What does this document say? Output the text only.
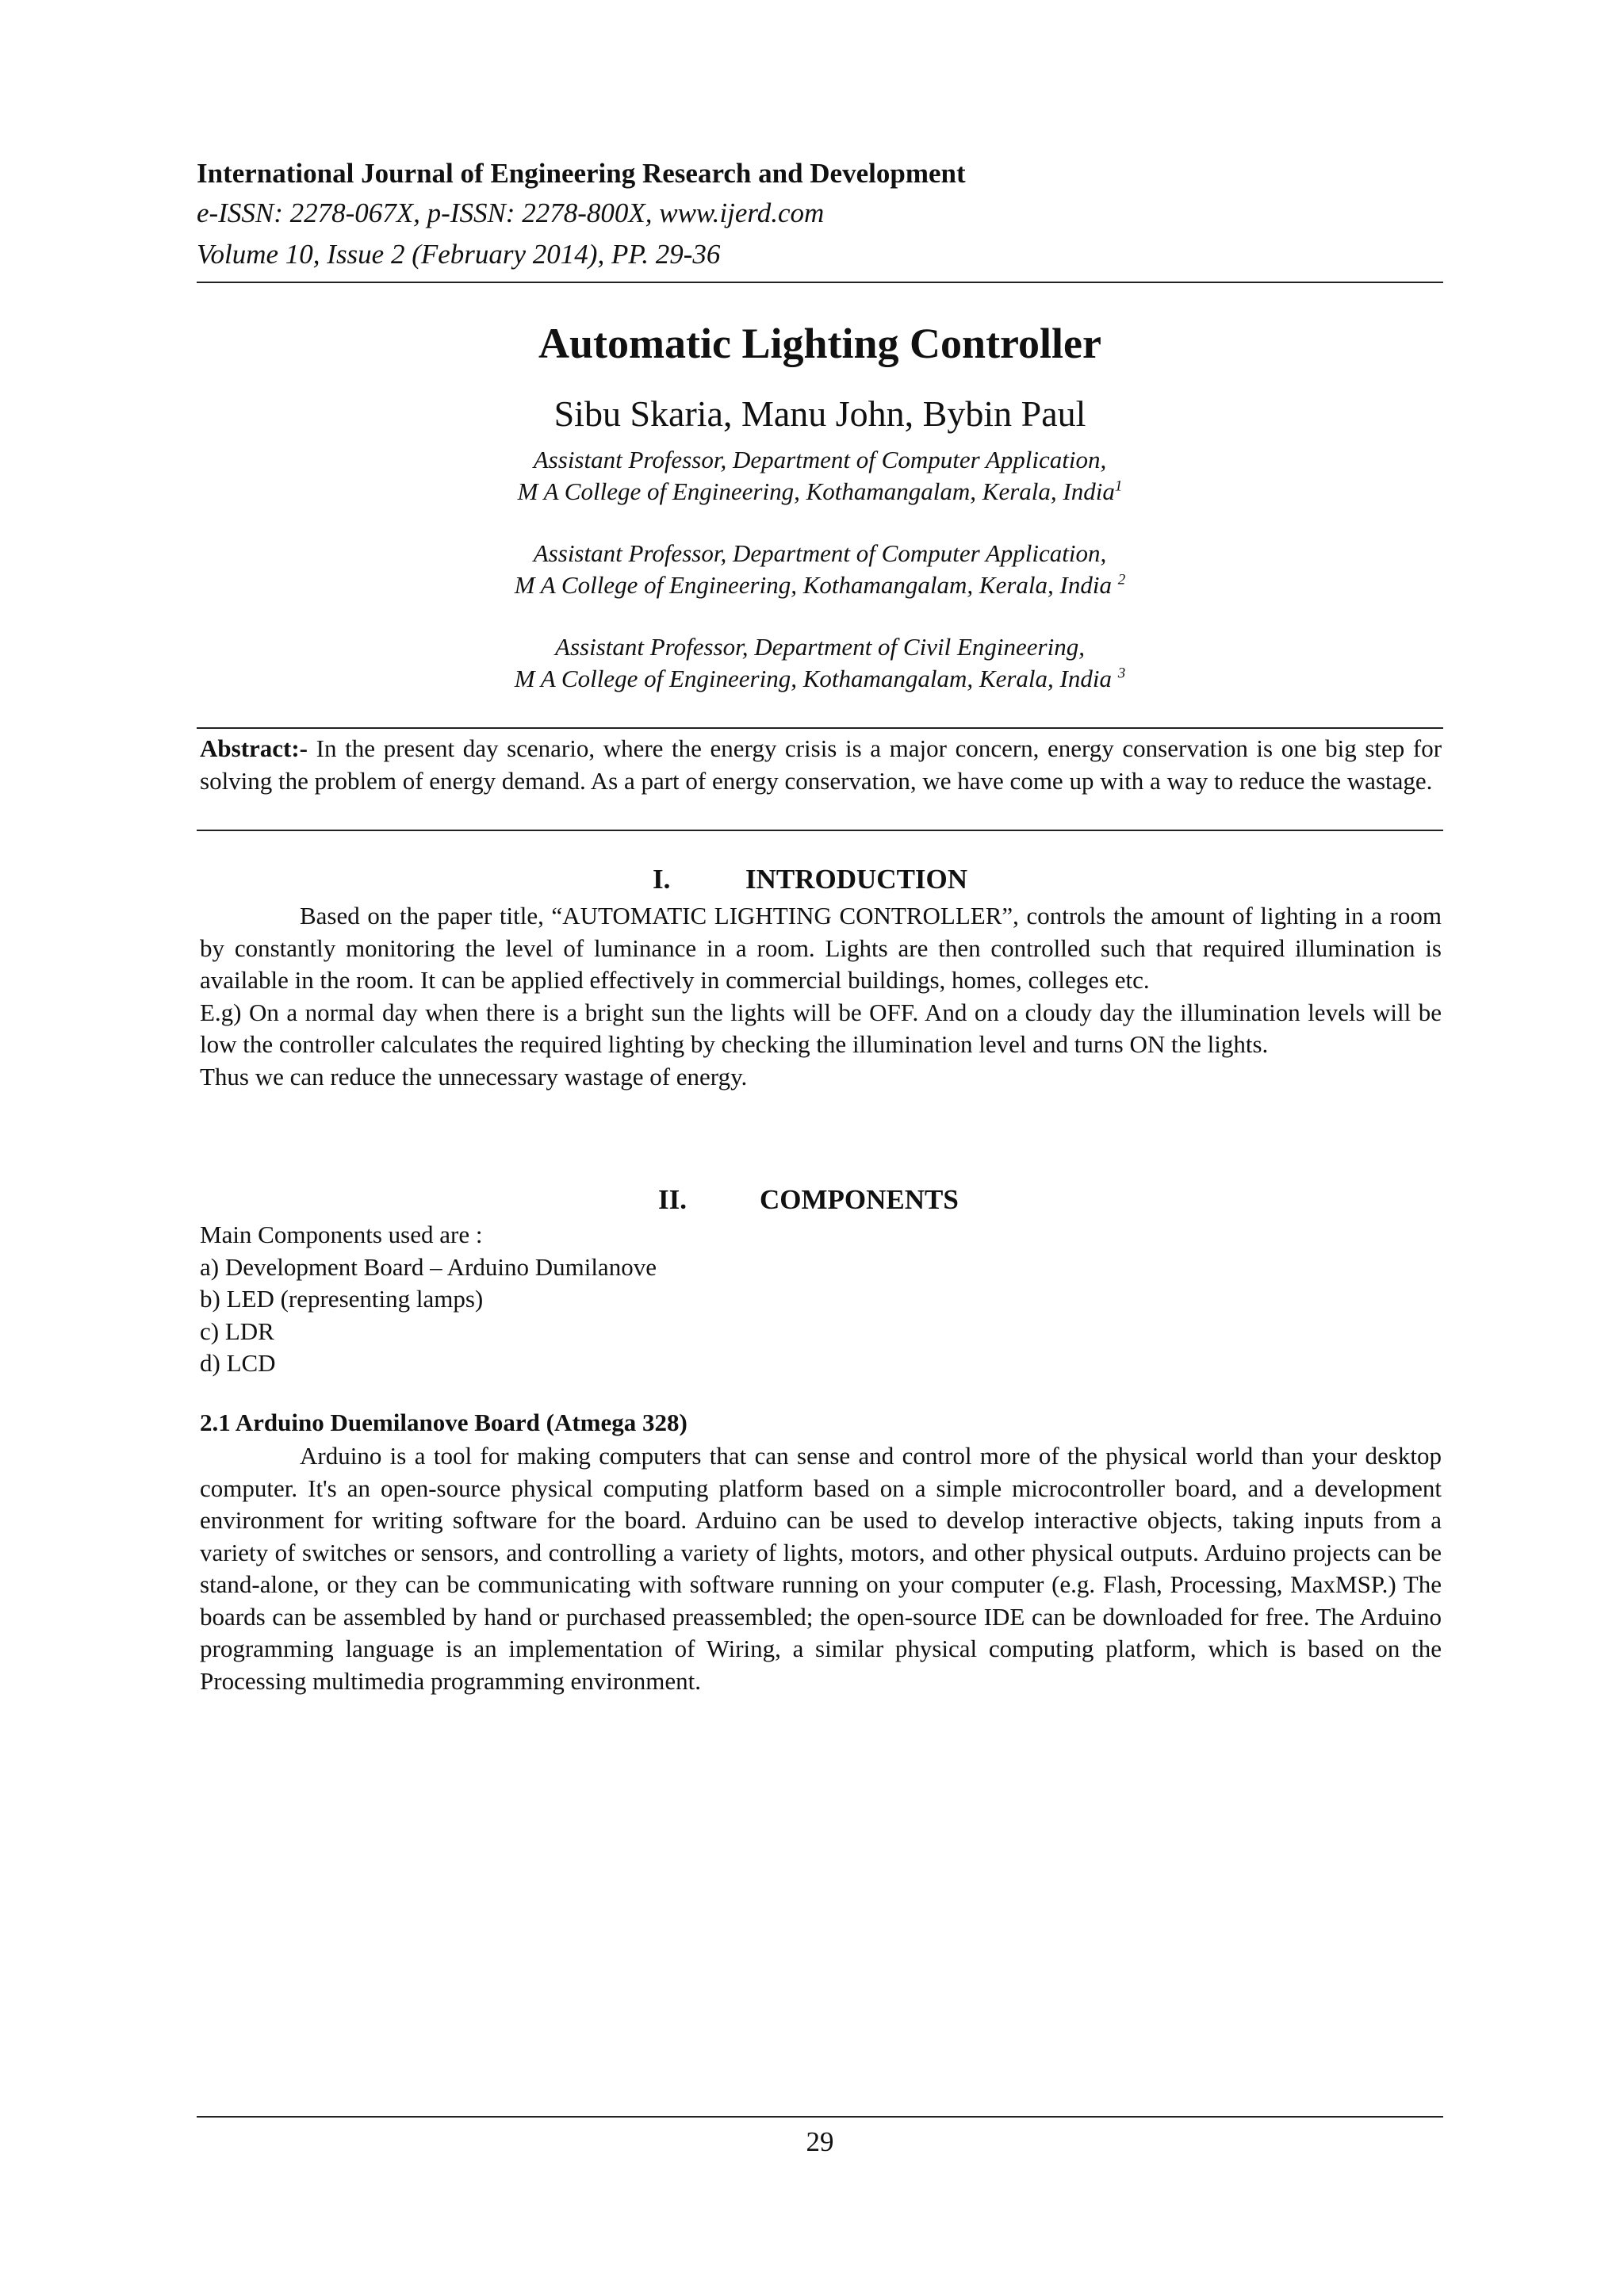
International Journal of Engineering Research and Development
e-ISSN: 2278-067X, p-ISSN: 2278-800X, www.ijerd.com
Volume 10, Issue 2 (February 2014), PP. 29-36
Automatic Lighting Controller
Sibu Skaria, Manu John, Bybin Paul
Assistant Professor, Department of Computer Application,
M A College of Engineering, Kothamangalam, Kerala, India$^1$
Assistant Professor, Department of Computer Application,
M A College of Engineering, Kothamangalam, Kerala, India $^2$
Assistant Professor, Department of Civil Engineering,
M A College of Engineering, Kothamangalam, Kerala, India $^3$
Abstract:- In the present day scenario, where the energy crisis is a major concern, energy conservation is one big step for solving the problem of energy demand. As a part of energy conservation, we have come up with a way to reduce the wastage.
I.	INTRODUCTION

Based on the paper title, “AUTOMATIC LIGHTING CONTROLLER”, controls the amount of lighting in a room by constantly monitoring the level of luminance in a room. Lights are then controlled such that required illumination is available in the room. It can be applied effectively in commercial buildings, homes, colleges etc.

E.g) On a normal day when there is a bright sun the lights will be OFF. And on a cloudy day the illumination levels will be low the controller calculates the required lighting by checking the illumination level and turns ON the lights.

Thus we can reduce the unnecessary wastage of energy.

II.	COMPONENTS
Main Components used are :
a) Development Board – Arduino Dumilanove
b) LED (representing lamps)
c) LDR
d) LCD
2.1 Arduino Duemilanove Board (Atmega 328)

Arduino is a tool for making computers that can sense and control more of the physical world than your desktop computer. It's an open-source physical computing platform based on a simple microcontroller board, and a development environment for writing software for the board. Arduino can be used to develop interactive objects, taking inputs from a variety of switches or sensors, and controlling a variety of lights, motors, and other physical outputs. Arduino projects can be stand-alone, or they can be communicating with software running on your computer (e.g. Flash, Processing, MaxMSP.) The boards can be assembled by hand or purchased preassembled; the open-source IDE can be downloaded for free. The Arduino programming language is an implementation of Wiring, a similar physical computing platform, which is based on the Processing multimedia programming environment.

29
